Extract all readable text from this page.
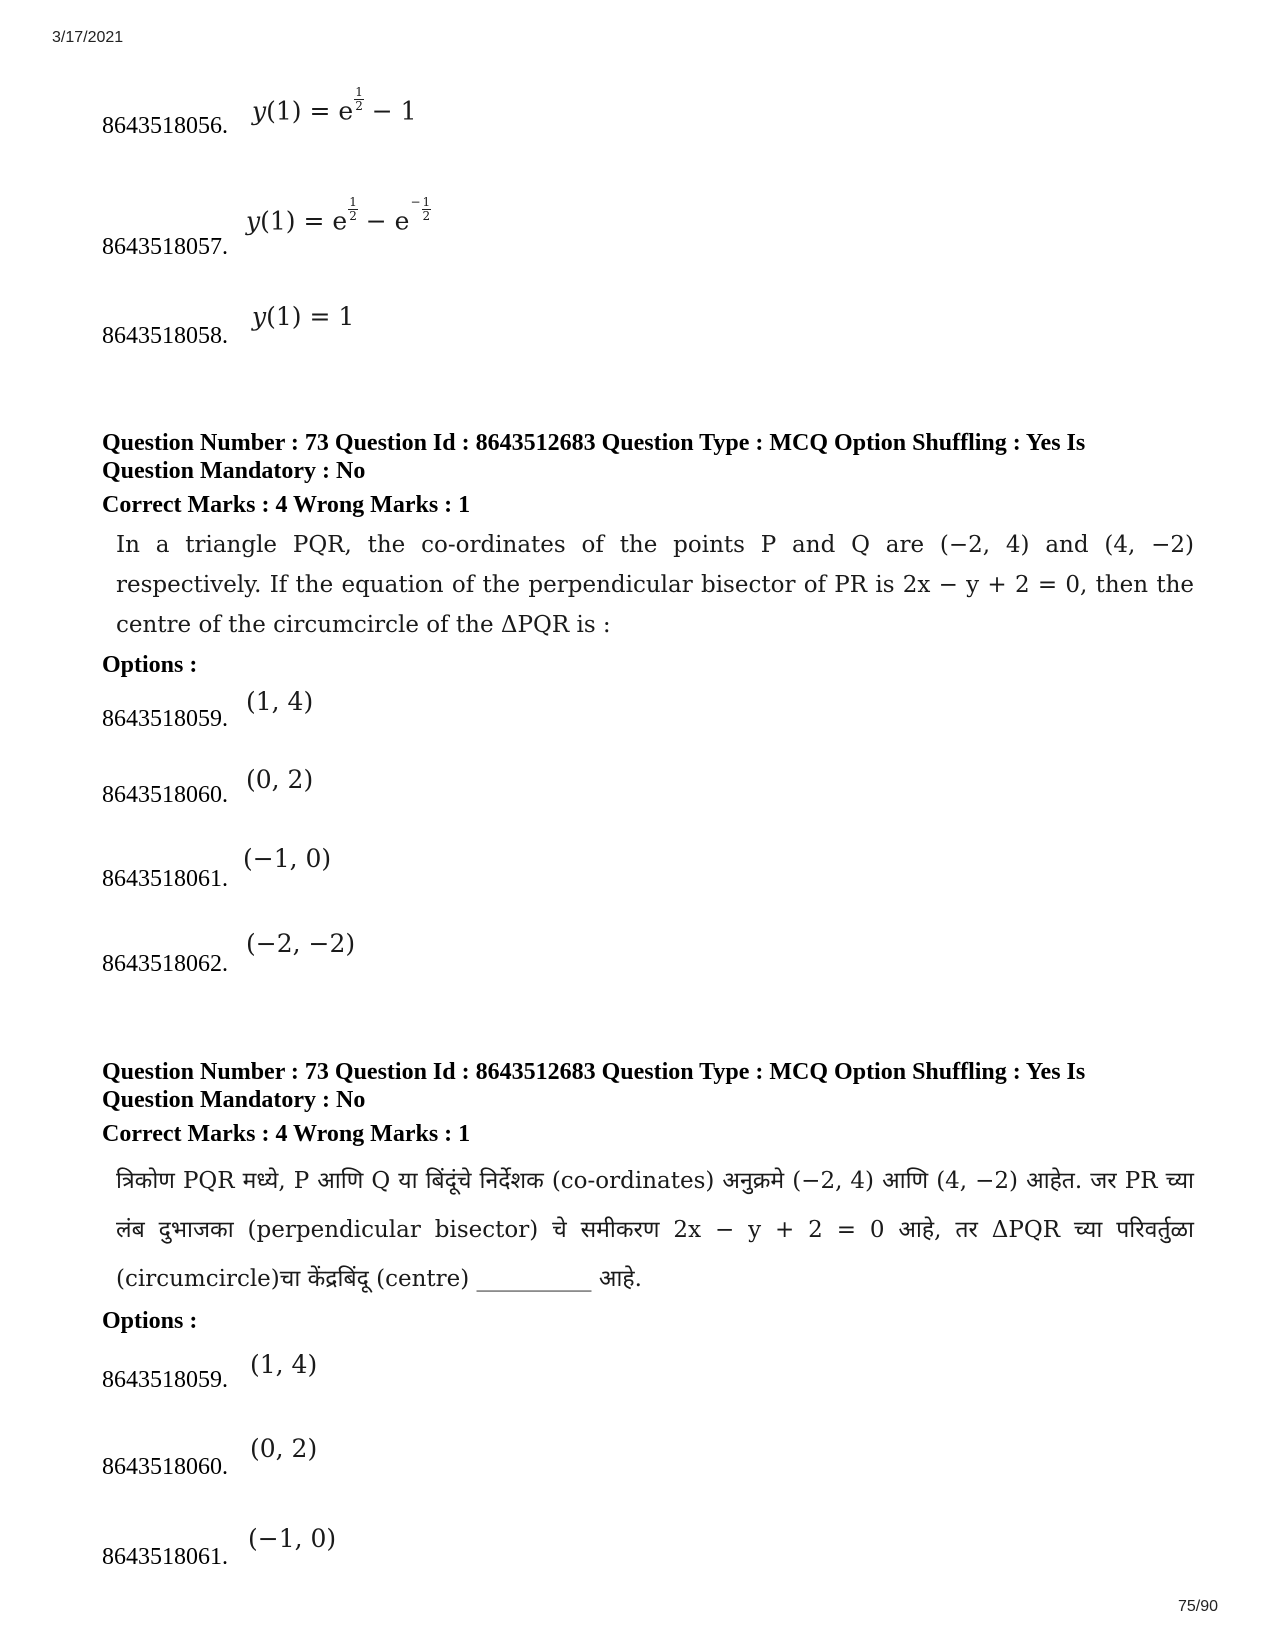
3/17/2021
8643518056.
y(1) = e $\frac{1}{2} - 1$
8643518057.
y(1) = e $\frac{1}{2} - e- \frac{1}{2}$
8643518058.
y(1) = 1
Question Number : 73 Question Id : 8643512683 Question Type : MCQ Option Shuffling : Yes Is
Question Mandatory : No
Correct Marks : 4 Wrong Marks : 1
In a triangle PQR, the co-ordinates of the points P and Q are (−2, 4) and (4, −2) respectively. If the equation of the perpendicular bisector of PR is 2x − y + 2 = 0, then the centre of the circumcircle of the ΔPQR is :
Options :
8643518059.
(1, 4)
8643518060.
(0, 2)
8643518061.
(−1, 0)
8643518062.
(−2, −2)
Question Number : 73 Question Id : 8643512683 Question Type : MCQ Option Shuffling : Yes Is
Question Mandatory : No
Correct Marks : 4 Wrong Marks : 1
त्रिकोण PQR मध्ये, P आणि Q या बिंदूंचे निर्देशक (co-ordinates) अनुक्रमे (−2, 4) आणि (4, −2) आहेत. जर PR च्या लंब दुभाजका (perpendicular bisector) चे समीकरण 2x − y + 2 = 0 आहे, तर ΔPQR च्या परिवर्तुळा (circumcircle)चा केंद्रबिंदू (centre) __________ आहे.
Options :
8643518059.
(1, 4)
8643518060.
(0, 2)
8643518061.
(−1, 0)
75/90
